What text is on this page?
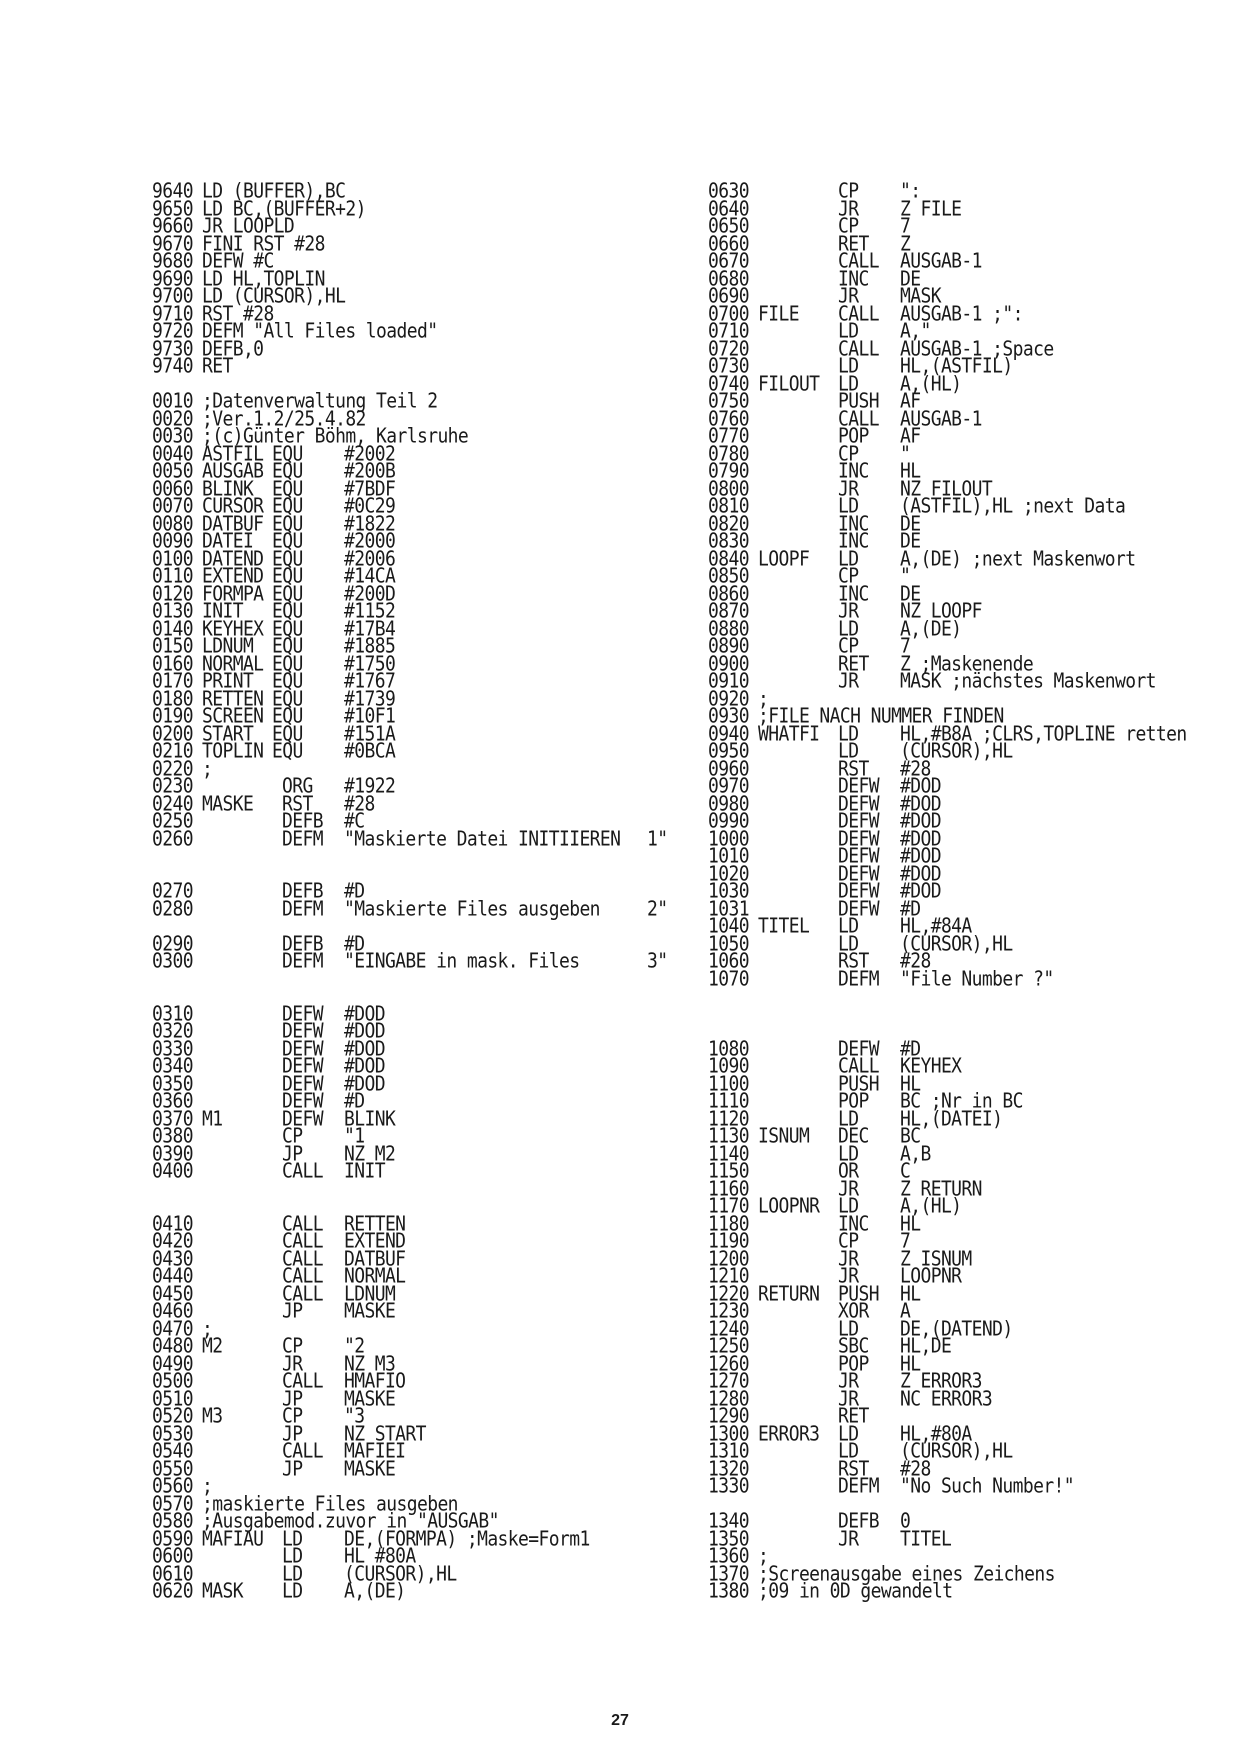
9640 LD (BUFFER),BC
9650 LD BC,(BUFFER+2)
9660 JR LOOPLD
9670 FINI RST #28
9680 DEFW #C
9690 LD HL,TOPLIN
9700 LD (CURSOR),HL
9710 RST #28
9720 DEFM "All Files loaded"
9730 DEFB,0
9740 RET
0010 ;Datenverwaltung Teil 2
0020 ;Ver.1.2/25.4.82
0030 ;(c)Günter Böhm, Karlsruhe
0040 ASTFIL EQU #2002
0050 AUSGAB EQU #200B
0060 BLINK EQU #7BDF
0070 CURSOR EQU #0C29
0080 DATBUF EQU #1822
0090 DATEI EQU #2000
0100 DATEND EQU #2006
0110 EXTEND EQU #14CA
0120 FORMPA EQU #200D
0130 INIT EQU #1152
0140 KEYHEX EQU #17B4
0150 LDNUM EQU #1885
0160 NORMAL EQU #1750
0170 PRINT EQU #1767
0180 RETTEN EQU #1739
0190 SCREEN EQU #10F1
0200 START EQU #151A
0210 TOPLIN EQU #0BCA
0220 ;
0230	ORG #1922
0240 MASKE RST #28
0250	DEFB #C
0260	DEFM "Maskierte Datei INITIIEREN 1"
0270	DEFB #D
0280	DEFM "Maskierte Files ausgeben	2"
0290	DEFB #D
0300	DEFM "EINGABE in mask. Files	3"
0310	DEFW #DOD
0320	DEFW #DOD
0330	DEFW #DOD
0340	DEFW #DOD
0350	DEFW #DOD
0360	DEFW #D
0370 M1	DEFW BLINK
0380	CP "1
0390	JP NZ M2
0400	CALL INIT
0410	CALL RETTEN
0420	CALL EXTEND
0430	CALL DATBUF
0440	CALL NORMAL
0450	CALL LDNUM
0460	JP MASKE
0470 ;
0480 M2	CP "2
0490	JR NZ M3
0500	CALL HMAFIO
0510	JP MASKE
0520 M3	CP "3
0530	JP NZ START
0540	CALL MAFIEI
0550	JP MASKE
0560 ;
0570 ;maskierte Files ausgeben
0580 ;Ausgabemod.zuvor in "AUSGAB"
0590 MAFIAU LD DE,(FORMPA) ;Maske=Form1
0600	LD HL #80A
0610	LD (CURSOR),HL
0620 MASK LD A,(DE)
0630	CP ":
0640	JR Z FILE
0650	CP 7
0660	RET Z
0670	CALL AUSGAB-1
0680	INC DE
0690	JR MASK
0700 FILE CALL AUSGAB-1 ;":
0710	LD A,"
0720	CALL AUSGAB-1 ;Space
0730	LD HL,(ASTFIL)
0740 FILOUT LD A,(HL)
0750	PUSH AF
0760	CALL AUSGAB-1
0770	POP AF
0780	CP "
0790	INC HL
0800	JR NZ FILOUT
0810	LD (ASTFIL),HL ;next Data
0820	INC DE
0830	INC DE
0840 LOOPF LD A,(DE) ;next Maskenwort
0850	CP "
0860	INC DE
0870	JR NZ LOOPF
0880	LD A,(DE)
0890	CP 7
0900	RET Z ;Maskenende
0910	JR MASK ;nächstes Maskenwort
0920 ;
0930 ;FILE NACH NUMMER FINDEN
0940 WHATFI LD HL,#B8A ;CLRS,TOPLINE retten
0950	LD (CURSOR),HL
0960	RST #28
0970	DEFW #DOD
0980	DEFW #DOD
0990	DEFW #DOD
1000	DEFW #DOD
1010	DEFW #DOD
1020	DEFW #DOD
1030	DEFW #DOD
1031	DEFW #D
1040 TITEL LD HL,#84A
1050	LD (CURSOR),HL
1060	RST #28
1070	DEFM "File Number ?"
1080	DEFW #D
1090	CALL KEYHEX
1100	PUSH HL
1110	POP BC ;Nr in BC
1120	LD HL,(DATEI)
1130 ISNUM DEC BC
1140	LD A,B
1150	OR C
1160	JR Z RETURN
1170 LOOPNR LD A,(HL)
1180	INC HL
1190	CP 7
1200	JR Z ISNUM
1210	JR LOOPNR
1220 RETURN PUSH HL
1230	XOR A
1240	LD DE,(DATEND)
1250	SBC HL,DE
1260	POP HL
1270	JR Z ERROR3
1280	JR NC ERROR3
1290	RET
1300 ERROR3 LD HL,#80A
1310	LD (CURSOR),HL
1320	RST #28
1330	DEFM "No Such Number!"
1340	DEFB 0
1350	JR TITEL
1360 ;
1370 ;Screenausgabe eines Zeichens
1380 ;09 in 0D gewandelt
27
